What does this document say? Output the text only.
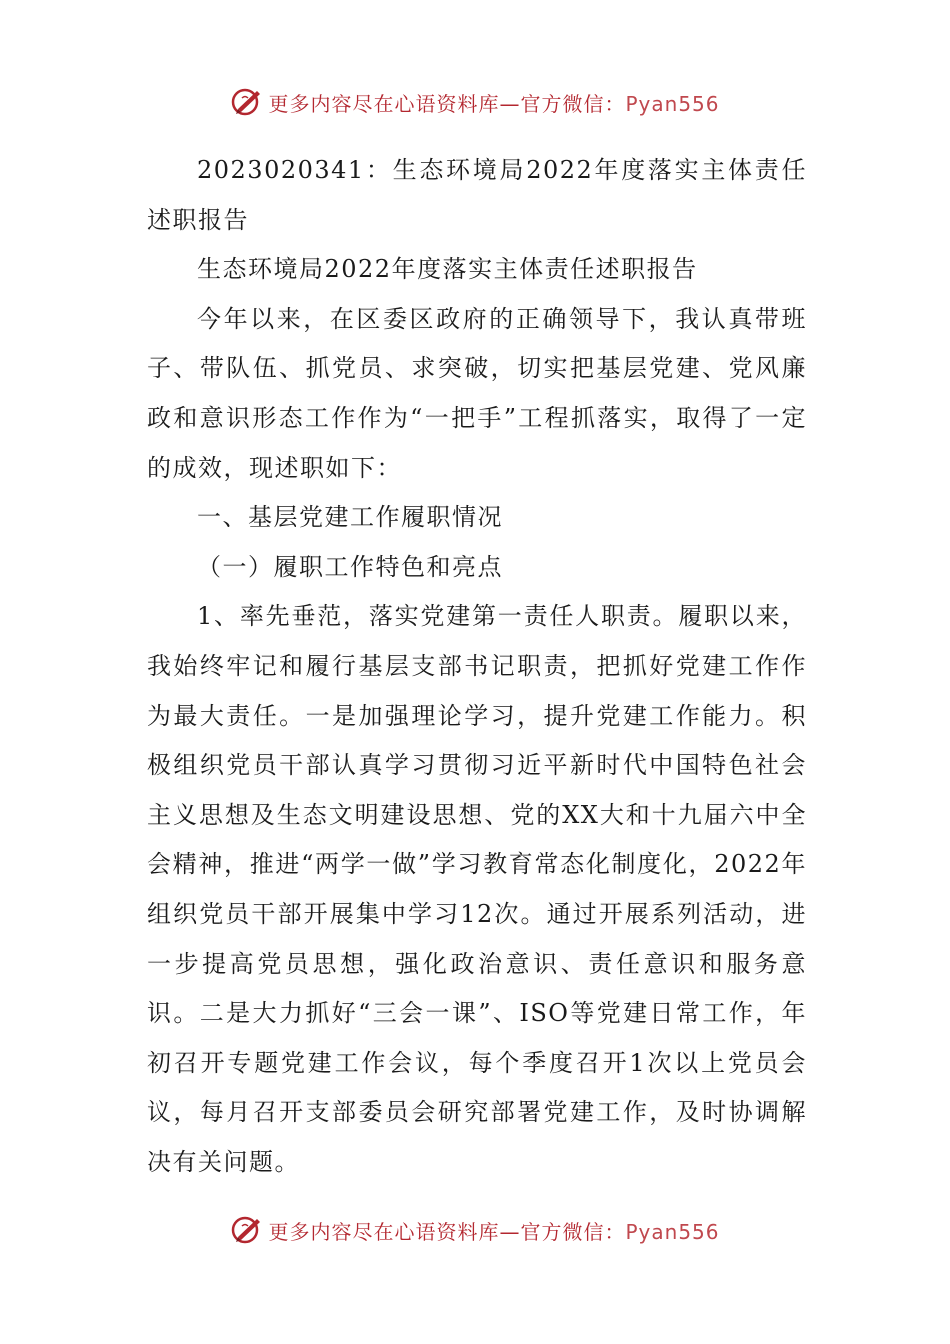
更多内容尽在心语资料库—官方微信：Pyan556

2023020341：生态环境局2022年度落实主体责任述职报告

生态环境局2022年度落实主体责任述职报告

今年以来，在区委区政府的正确领导下，我认真带班子、带队伍、抓党员、求突破，切实把基层党建、党风廉政和意识形态工作作为“一把手”工程抓落实，取得了一定的成效，现述职如下：

一、基层党建工作履职情况

（一）履职工作特色和亮点

1、率先垂范，落实党建第一责任人职责。履职以来，我始终牢记和履行基层支部书记职责，把抓好党建工作作为最大责任。一是加强理论学习，提升党建工作能力。积极组织党员干部认真学习贯彻习近平新时代中国特色社会主义思想及生态文明建设思想、党的XX大和十九届六中全会精神，推进“两学一做”学习教育常态化制度化，2022年组织党员干部开展集中学习12次。通过开展系列活动，进一步提高党员思想，强化政治意识、责任意识和服务意识。二是大力抓好“三会一课”、ISO等党建日常工作，年初召开专题党建工作会议，每个季度召开1次以上党员会议，每月召开支部委员会研究部署党建工作，及时协调解决有关问题。

更多内容尽在心语资料库—官方微信：Pyan556
